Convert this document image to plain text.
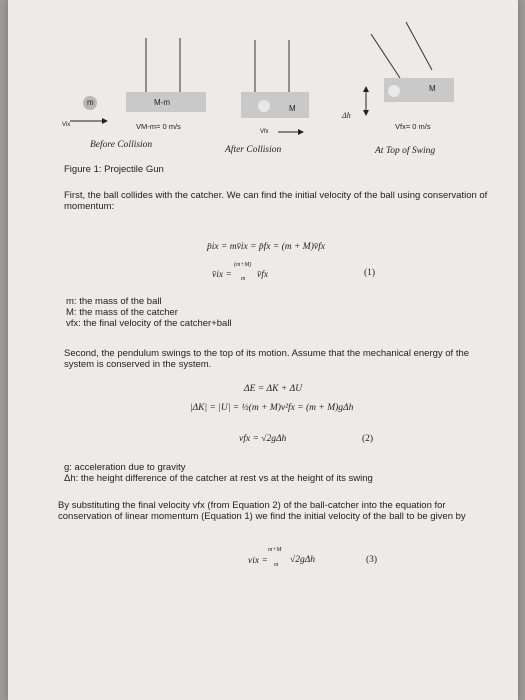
m	M-m
M
M
Vix	VM-m= 0 m/s
Vfx
Vfx= 0 m/s
Δh
Before Collision	After Collision	At Top of Swing
Figure 1: Projectile Gun
First, the ball collides with the catcher. We can find the initial velocity of the ball using conservation of momentum:
p̄ix = mv̄ix = p̄fx = (m + M)v̄fx
v̄ix =
(m+M)
m v̄fx	(1)
m: the mass of the ball
M: the mass of the catcher
vfx: the final velocity of the catcher+ball
Second, the pendulum swings to the top of its motion. Assume that the mechanical energy of the system is conserved in the system.
ΔE = ΔK + ΔU
|ΔK| = |U| = ½(m + M)v²fx = (m + M)gΔh
vfx = √2gΔh	(2)
g: acceleration due to gravity
Δh: the height difference of the catcher at rest vs at the height of its swing
By substituting the final velocity vfx (from Equation 2) of the ball-catcher into the equation for conservation of linear momentum (Equation 1) we find the initial velocity of the ball to be given by
vix =
m+M
m √2gΔh	(3)
